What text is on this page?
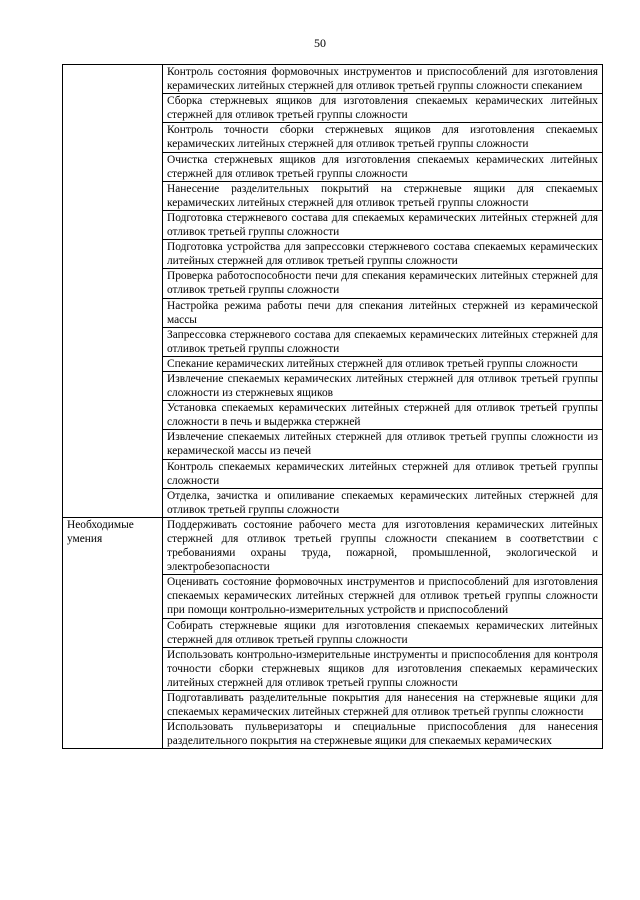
50
	Контроль состояния формовочных инструментов и приспособлений для изготовления керамических литейных стержней для отливок третьей группы сложности спеканием
	Сборка стержневых ящиков для изготовления спекаемых керамических литейных стержней для отливок третьей группы сложности
	Контроль точности сборки стержневых ящиков для изготовления спекаемых керамических литейных стержней для отливок третьей группы сложности
	Очистка стержневых ящиков для изготовления спекаемых керамических литейных стержней для отливок третьей группы сложности
	Нанесение разделительных покрытий на стержневые ящики для спекаемых керамических литейных стержней для отливок третьей группы сложности
	Подготовка стержневого состава для спекаемых керамических литейных стержней для отливок третьей группы сложности
	Подготовка устройства для запрессовки стержневого состава спекаемых керамических литейных стержней для отливок третьей группы сложности
	Проверка работоспособности печи для спекания керамических литейных стержней для отливок третьей группы сложности
	Настройка режима работы печи для спекания литейных стержней из керамической массы
	Запрессовка стержневого состава для спекаемых керамических литейных стержней для отливок третьей группы сложности
	Спекание керамических литейных стержней для отливок третьей группы сложности
	Извлечение спекаемых керамических литейных стержней для отливок третьей группы сложности из стержневых ящиков
	Установка спекаемых керамических литейных стержней для отливок третьей группы сложности в печь и выдержка стержней
	Извлечение спекаемых литейных стержней для отливок третьей группы сложности из керамической массы из печей
	Контроль спекаемых керамических литейных стержней для отливок третьей группы сложности
	Отделка, зачистка и опиливание спекаемых керамических литейных стержней для отливок третьей группы сложности
Необходимые умения	Поддерживать состояние рабочего места для изготовления керамических литейных стержней для отливок третьей группы сложности спеканием в соответствии с требованиями охраны труда, пожарной, промышленной, экологической и электробезопасности
	Оценивать состояние формовочных инструментов и приспособлений для изготовления спекаемых керамических литейных стержней для отливок третьей группы сложности при помощи контрольно-измерительных устройств и приспособлений
	Собирать стержневые ящики для изготовления спекаемых керамических литейных стержней для отливок третьей группы сложности
	Использовать контрольно-измерительные инструменты и приспособления для контроля точности сборки стержневых ящиков для изготовления спекаемых керамических литейных стержней для отливок третьей группы сложности
	Подготавливать разделительные покрытия для нанесения на стержневые ящики для спекаемых керамических литейных стержней для отливок третьей группы сложности
	Использовать пульверизаторы и специальные приспособления для нанесения разделительного покрытия на стержневые ящики для спекаемых керамических
